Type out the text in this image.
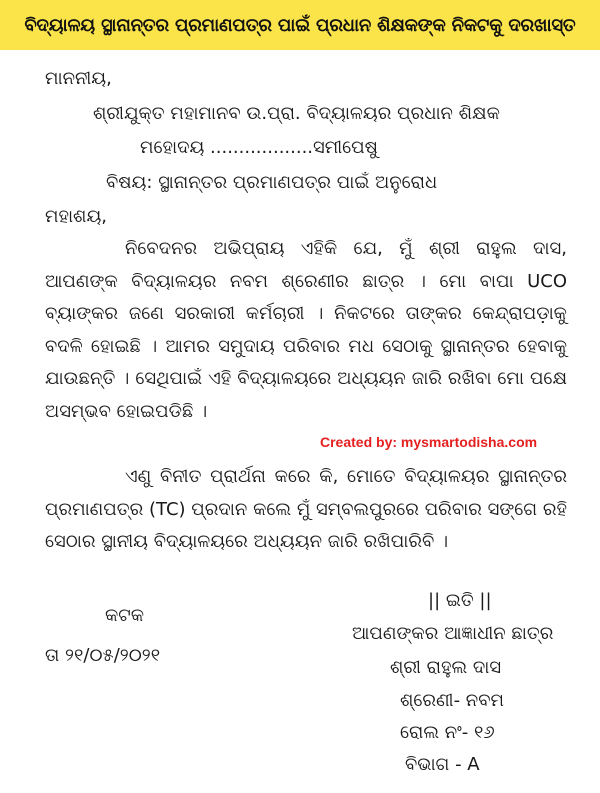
ବିଦ୍ୟାଳୟ ସ୍ଥାନାନ୍ତର ପ୍ରମାଣପତ୍ର ପାଇଁ ପ୍ରଧାନ ଶିକ୍ଷକଙ୍କ ନିକଟକୁ ଦରଖାସ୍ତ
ମାନନୀୟ,
ଶ୍ରୀଯୁକ୍ତ ମହାମାନବ ଉ.ପ୍ରା. ବିଦ୍ୟାଳୟର ପ୍ରଧାନ ଶିକ୍ଷକ
ମହୋଦୟ ..................ସମୀପେଷୁ
ବିଷୟ: ସ୍ଥାନାନ୍ତର ପ୍ରମାଣପତ୍ର ପାଇଁ ଅନୁରୋଧ
ମହାଶୟ,
ନିବେଦନର ଅଭିପ୍ରାୟ ଏହିକି ଯେ, ମୁଁ ଶ୍ରୀ ରାହୁଲ ଦାସ, ଆପଣଙ୍କ ବିଦ୍ୟାଳୟର ନବମ ଶ୍ରେଣୀର ଛାତ୍ର । ମୋ ବାପା UCO ବ୍ୟାଙ୍କର ଜଣେ ସରକାରୀ କର୍ମଚାରୀ । ନିକଟରେ ତାଙ୍କର କେନ୍ଦ୍ରାପଡ଼ାକୁ ବଦଳି ହୋଇଛି । ଆମର ସମୁଦାୟ ପରିବାର ମଧ ସେଠାକୁ ସ୍ଥାନାନ୍ତର ହେବାକୁ ଯାଉଛନ୍ତି । ସେଥିପାଇଁ ଏହି ବିଦ୍ୟାଳୟରେ ଅଧ୍ୟୟନ ଜାରି ରଖିବା ମୋ ପକ୍ଷେ ଅସମ୍ଭବ ହୋଇପଡିଛି ।
Created by: mysmartodisha.com
ଏଣୁ ବିନୀତ ପ୍ରାର୍ଥନା କରେ କି, ମୋତେ ବିଦ୍ୟାଳୟର ସ୍ଥାନାନ୍ତର ପ୍ରମାଣପତ୍ର (TC) ପ୍ରଦାନ କଲେ ମୁଁ ସମ୍ବଲପୁରରେ ପରିବାର ସଙ୍ଗେ ରହି ସେଠାର ସ୍ଥାନୀୟ ବିଦ୍ୟାଳୟରେ ଅଧ୍ୟୟନ ଜାରି ରଖିପାରିବି ।
କଟକ
ତା ୨୧/୦୫/୨୦୨୧
|| ଇତି ||
ଆପଣଙ୍କର ଆଜ୍ଞାଧୀନ ଛାତ୍ର
ଶ୍ରୀ ରାହୁଲ ଦାସ
ଶ୍ରେଣୀ- ନବମ
ରୋଲ ନଂ- ୧୬
ବିଭାଗ - A
